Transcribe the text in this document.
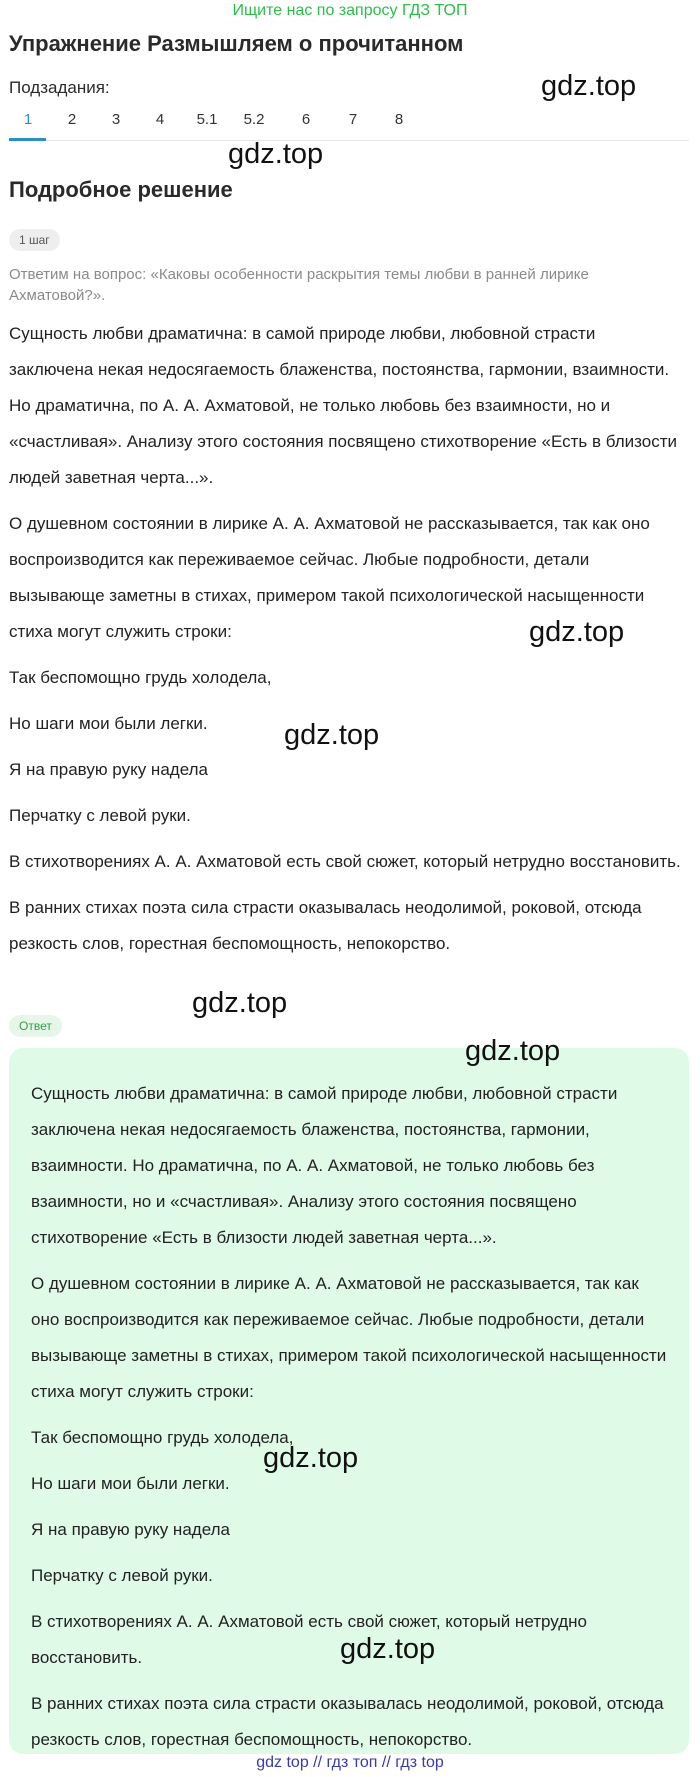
Ищите нас по запросу ГДЗ ТОП
Упражнение Размышляем о прочитанном
Подзадания:
1	2	3	4	5.1	5.2	6	7	8
Подробное решение
1 шаг
Ответим на вопрос: «Каковы особенности раскрытия темы любви в ранней лирике Ахматовой?».

Сущность любви драматична: в самой природе любви, любовной страсти заключена некая недосягаемость блаженства, постоянства, гармонии, взаимности. Но драматична, по А. А. Ахматовой, не только любовь без взаимности, но и «счастливая». Анализу этого состояния посвящено стихотворение «Есть в близости людей заветная черта...».

О душевном состоянии в лирике А. А. Ахматовой не рассказывается, так как оно воспроизводится как переживаемое сейчас. Любые подробности, детали вызывающе заметны в стихах, примером такой психологической насыщенности стиха могут служить строки:

Так беспомощно грудь холодела,

Но шаги мои были легки.

Я на правую руку надела

Перчатку с левой руки.

В стихотворениях А. А. Ахматовой есть свой сюжет, который нетрудно восстановить.

В ранних стихах поэта сила страсти оказывалась неодолимой, роковой, отсюда резкость слов, горестная беспомощность, непокорство.

Ответ

Сущность любви драматична: в самой природе любви, любовной страсти заключена некая недосягаемость блаженства, постоянства, гармонии, взаимности. Но драматична, по А. А. Ахматовой, не только любовь без взаимности, но и «счастливая». Анализу этого состояния посвящено стихотворение «Есть в близости людей заветная черта...».

О душевном состоянии в лирике А. А. Ахматовой не рассказывается, так как оно воспроизводится как переживаемое сейчас. Любые подробности, детали вызывающе заметны в стихах, примером такой психологической насыщенности стиха могут служить строки:

Так беспомощно грудь холодела,

Но шаги мои были легки.

Я на правую руку надела

Перчатку с левой руки.

В стихотворениях А. А. Ахматовой есть свой сюжет, который нетрудно восстановить.

В ранних стихах поэта сила страсти оказывалась неодолимой, роковой, отсюда резкость слов, горестная беспомощность, непокорство.

gdz.top
gdz.top
gdz.top
gdz.top
gdz.top
gdz.top
gdz.top
gdz.top
gdz top // гдз топ // гдз top
